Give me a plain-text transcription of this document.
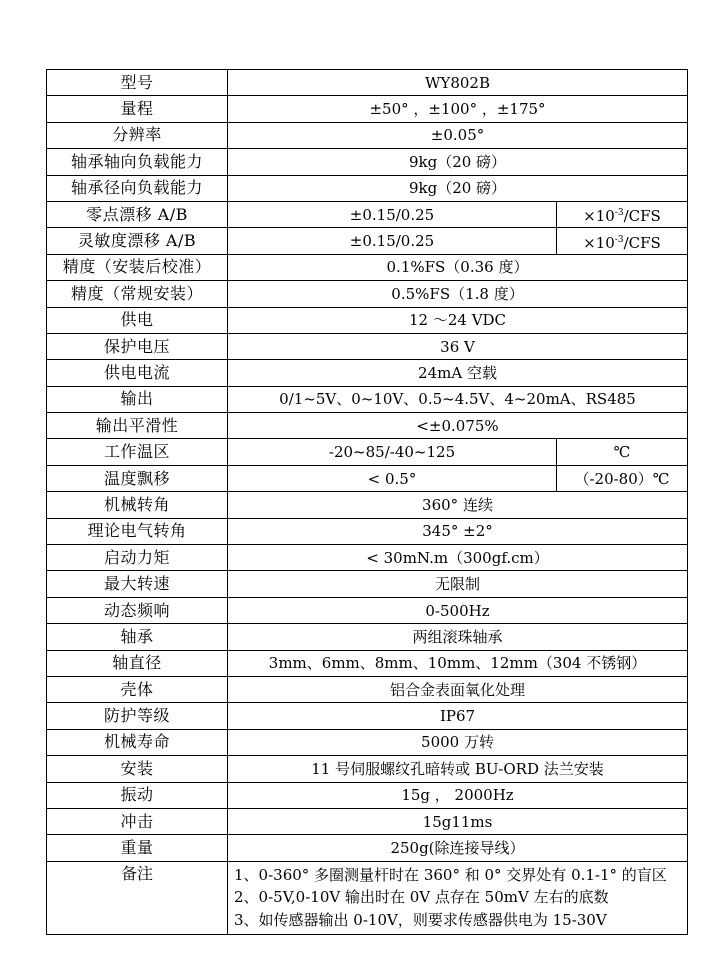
型号	WY802B	
量程	±50° ，±100° ，±175°	
分辨率	±0.05°	
轴承轴向负载能力	9kg（20 磅）	
轴承径向负载能力	9kg（20 磅）	
零点漂移 A/B	±0.15/0.25	$\times 10^{-3}$/CFS
灵敏度漂移 A/B	±0.15/0.25	$\times 10^{-3}$/CFS
精度（安装后校准）	0.1%FS（0.36 度）	
精度（常规安装）	0.5%FS（1.8 度）	
供电	12 ～24 VDC	
保护电压	36 V	
供电电流	24mA 空载	
输出	0/1~5V、0~10V、0.5~4.5V、4~20mA、RS485	
输出平滑性	<±0.075%	
工作温区	-20~85/-40~125	℃
温度飘移	< 0.5°	（-20-80）℃
机械转角	360° 连续	
理论电气转角	345° ±2°	
启动力矩	< 30mN.m（300gf.cm）	
最大转速	无限制	
动态频响	0-500Hz	
轴承	两组滚珠轴承	
轴直径	3mm、6mm、8mm、10mm、12mm（304 不锈钢）	
壳体	铝合金表面氧化处理	
防护等级	IP67	
机械寿命	5000 万转	
安装	11 号伺服螺纹孔暗转或 BU-ORD 法兰安装	
振动	15g ， 2000Hz	
冲击	15g11ms	
重量	250g(除连接导线）	
备注	1、0-360° 多圈测量杆时在 360° 和 0° 交界处有 0.1-1° 的盲区
2、0-5V,0-10V 输出时在 0V 点存在 50mV 左右的底数
3、如传感器输出 0-10V，则要求传感器供电为 15-30V	
